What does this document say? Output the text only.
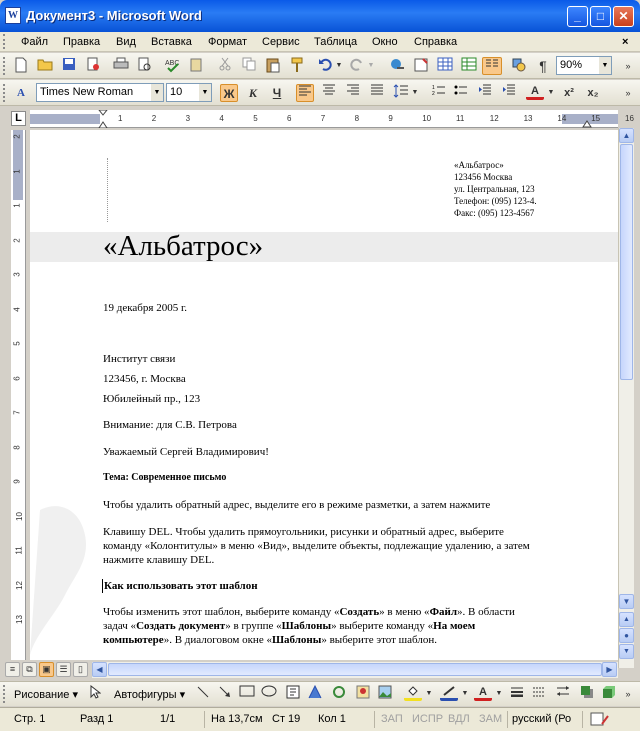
W Документ3 - Microsoft Word	_	□	✕
Файл Правка Вид Вставка Формат Сервис Таблица Окно Справка	×
ABC	▼	▼	¶	90%	▼	»
A	Times New Roman	▼ 10	▼ Ж	К	Ч	▼
1
2	A	▼ x²	x₂	»
L	1	2	3	4	5	6	7	8	9	10	11	12	13	14	15	16
2
1
1
2
3
4
5
6
7
8
9
10
11
12
13
«Альбатрос»
123456 Москва
ул. Центральная, 123
Телефон: (095) 123-4.
Факс: (095) 123-4567
«Альбатрос»
19 декабря 2005 г.
Институт связи
123456, г. Москва
Юбилейный пр., 123
Внимание: для С.В. Петрова
Уважаемый Сергей Владимирович!
Тема: Современное письмо
Чтобы удалить обратный адрес, выделите его в режиме разметки, а затем нажмите
Клавишу DEL. Чтобы удалить прямоугольники, рисунки и обратный адрес, выберите
команду «Колонтитулы» в меню «Вид», выделите объекты, подлежащие удалению, а затем
нажмите клавишу DEL.
Как использовать этот шаблон
Чтобы изменить этот шаблон, выберите команду «Создать» в меню «Файл». В области
задач «Создать документ» в группе «Шаблоны» выберите команду «На моем
компьютере». В диалоговом окне «Шаблоны» выберите этот шаблон.
▲
▼
▲
●
▼
≡	⧉	▣ ☰	▯	◀	▶
Рисование ▾	Автофигуры ▾	▼	▼ A	▼	»
Стр. 1	Разд 1	1/1	На 13,7см Ст 19 Кол 1	ЗАП ИСПР ВДЛ ЗАМ русский (Ро
